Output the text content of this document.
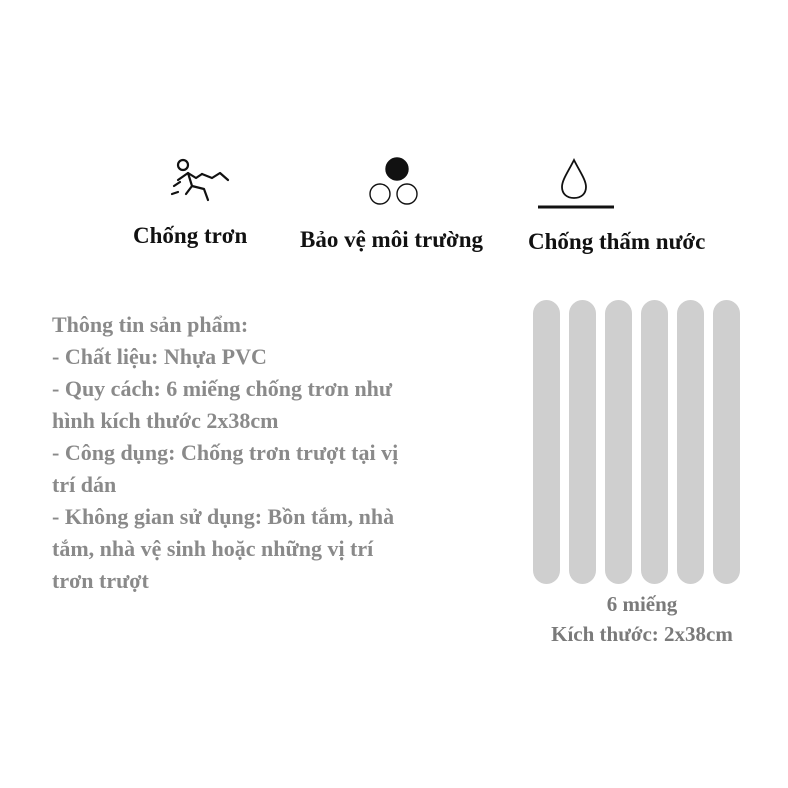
Chống trơn Bảo vệ môi trường Chống thấm nước
Thông tin sản phẩm:
- Chất liệu: Nhựa PVC
- Quy cách: 6 miếng chống trơn như
hình kích thước 2x38cm
- Công dụng: Chống trơn trượt tại vị
trí dán
- Không gian sử dụng: Bồn tắm, nhà
tắm, nhà vệ sinh hoặc những vị trí
trơn trượt
6 miếng
Kích thước: 2x38cm
